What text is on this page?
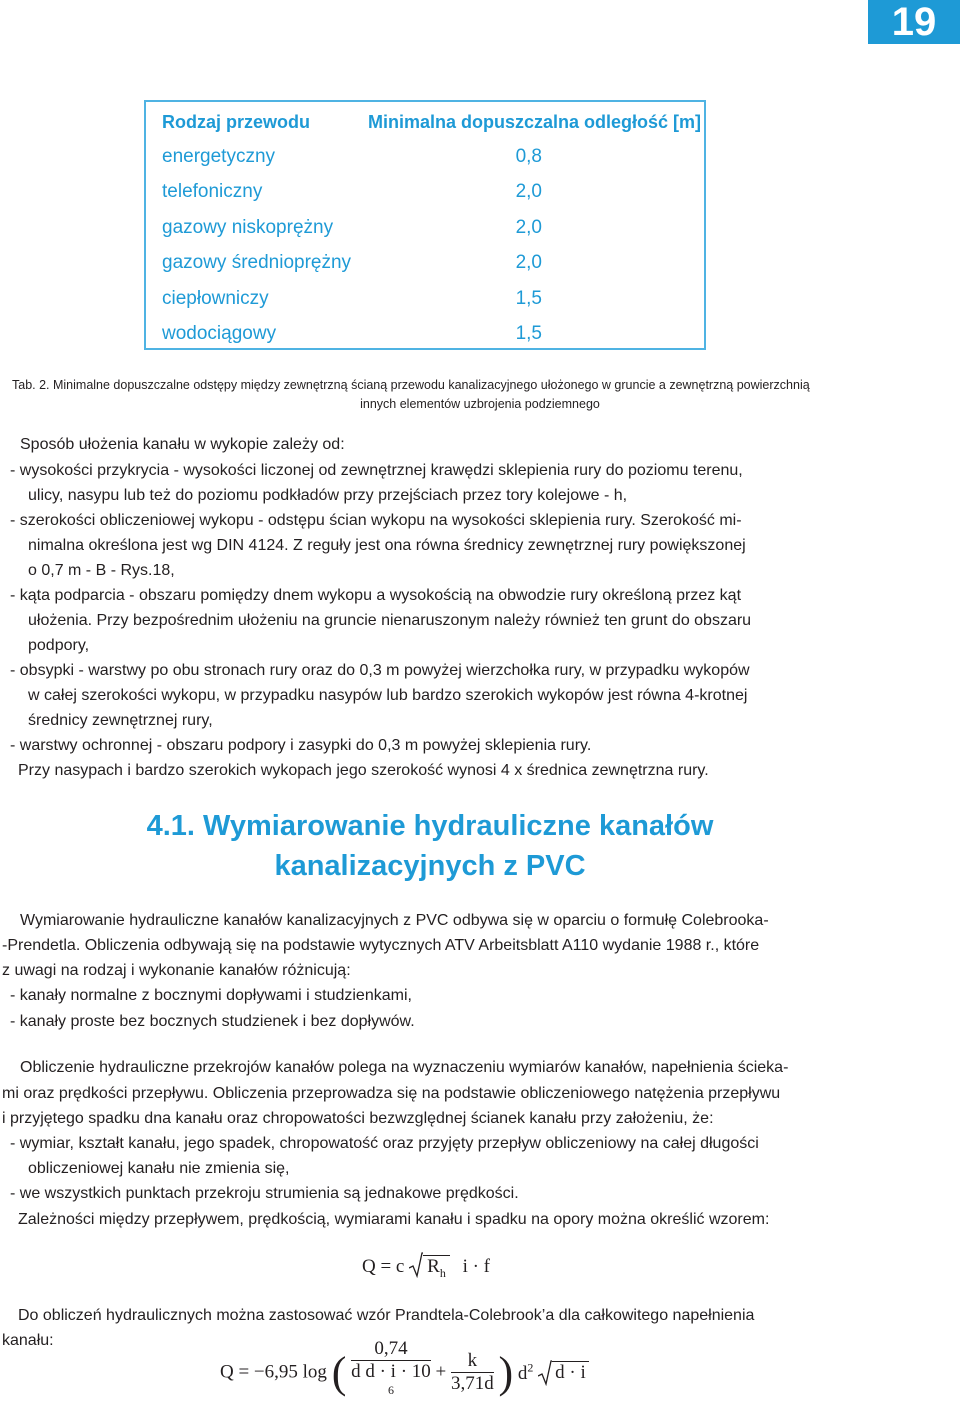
19
Rodzaj przewodu	Minimalna dopuszczalna odległość [m]
energetyczny	0,8
telefoniczny	2,0
gazowy niskoprężny	2,0
gazowy średnioprężny	2,0
ciepłowniczy	1,5
wodociągowy	1,5
Tab. 2. Minimalne dopuszczalne odstępy między zewnętrzną ścianą przewodu kanalizacyjnego ułożonego w gruncie a zewnętrzną powierzchnią
innych elementów uzbrojenia podziemnego
Sposób ułożenia kanału w wykopie zależy od:
- wysokości przykrycia - wysokości liczonej od zewnętrznej krawędzi sklepienia rury do poziomu terenu,
ulicy, nasypu lub też do poziomu podkładów przy przejściach przez tory kolejowe - h,
- szerokości obliczeniowej wykopu - odstępu ścian wykopu na wysokości sklepienia rury. Szerokość mi-
nimalna określona jest wg DIN 4124. Z reguły jest ona równa średnicy zewnętrznej rury powiększonej
o 0,7 m - B - Rys.18,
- kąta podparcia - obszaru pomiędzy dnem wykopu a wysokością na obwodzie rury określoną przez kąt
ułożenia. Przy bezpośrednim ułożeniu na gruncie nienaruszonym należy również ten grunt do obszaru
podpory,
- obsypki - warstwy po obu stronach rury oraz do 0,3 m powyżej wierzchołka rury, w przypadku wykopów
w całej szerokości wykopu, w przypadku nasypów lub bardzo szerokich wykopów jest równa 4-krotnej
średnicy zewnętrznej rury,
- warstwy ochronnej - obszaru podpory i zasypki do 0,3 m powyżej sklepienia rury.
Przy nasypach i bardzo szerokich wykopach jego szerokość wynosi 4 x średnica zewnętrzna rury.
4.1. Wymiarowanie hydrauliczne kanałów
kanalizacyjnych z PVC
Wymiarowanie hydrauliczne kanałów kanalizacyjnych z PVC odbywa się w oparciu o formułę Colebrooka-
-Prendetla. Obliczenia odbywają się na podstawie wytycznych ATV Arbeitsblatt A110 wydanie 1988 r., które
z uwagi na rodzaj i wykonanie kanałów różnicują:
- kanały normalne z bocznymi dopływami i studzienkami,
- kanały proste bez bocznych studzienek i bez dopływów.
Obliczenie hydrauliczne przekrojów kanałów polega na wyznaczeniu wymiarów kanałów, napełnienia ścieka-
mi oraz prędkości przepływu. Obliczenia przeprowadza się na podstawie obliczeniowego natężenia przepływu
i przyjętego spadku dna kanału oraz chropowatości bezwzględnej ścianek kanału przy założeniu, że:
- wymiar, kształt kanału, jego spadek, chropowatość oraz przyjęty przepływ obliczeniowy na całej długości
obliczeniowej kanału nie zmienia się,
- we wszystkich punktach przekroju strumienia są jednakowe prędkości.
Zależności między przepływem, prędkością, wymiarami kanału i spadku na opory można określić wzorem:
Q = c $R_h$ i · f
Do obliczeń hydraulicznych można zastosować wzór Prandtela-Colebrook’a dla całkowitego napełnienia
kanału:
Q = −6,95 log ( 0,74
d d · i · 10
$^6 + \frac{k}{3,71d}$ ) $d^2$ d · i
